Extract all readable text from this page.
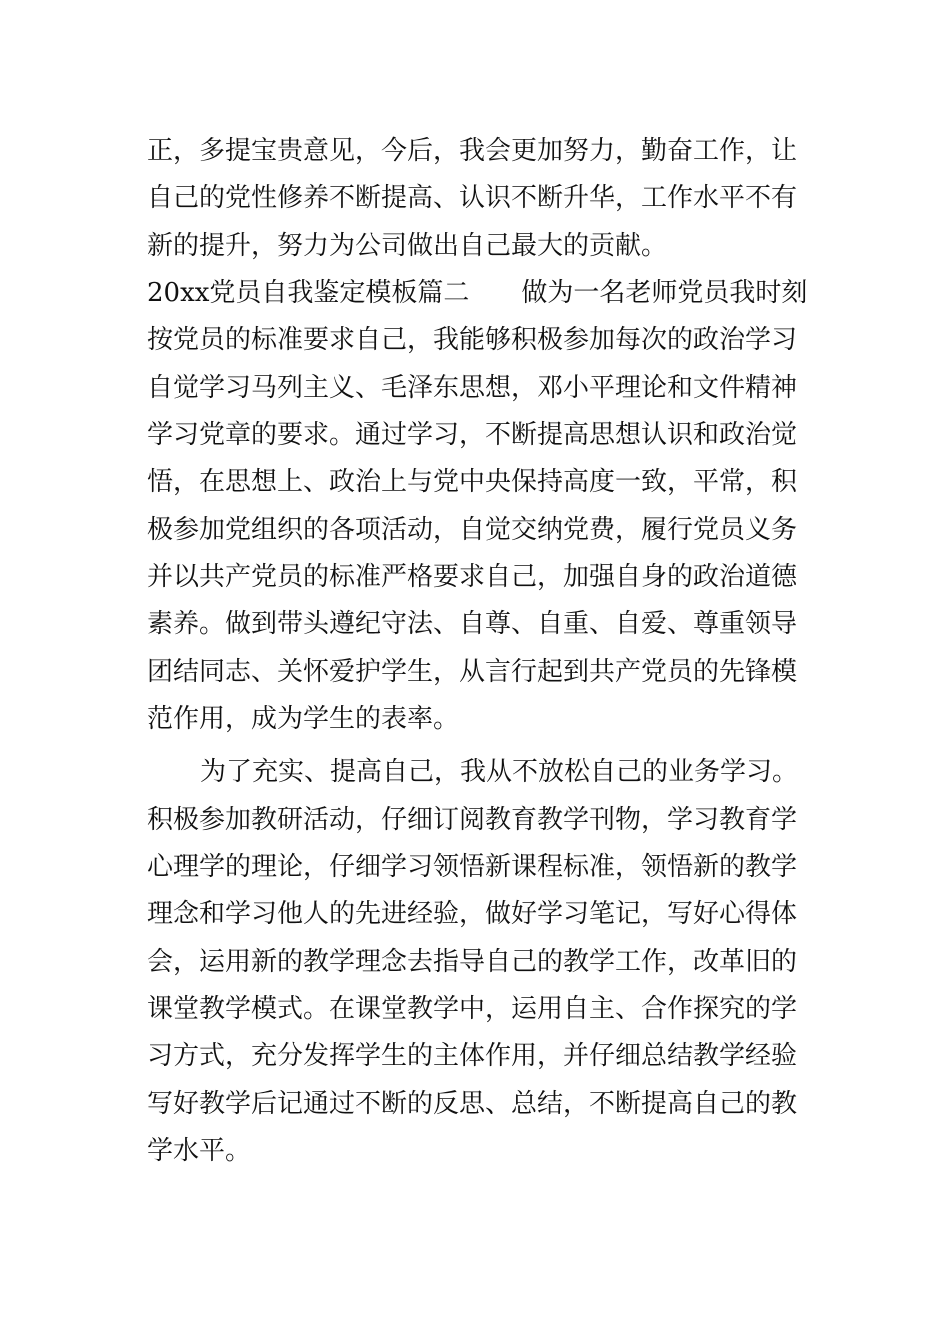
正，多提宝贵意见，今后，我会更加努力，勤奋工作，让
自己的党性修养不断提高、认识不断升华，工作水平不有
新的提升，努力为公司做出自己最大的贡献。
20xx党员自我鉴定模板篇二 做为一名老师党员我时刻
按党员的标准要求自己，我能够积极参加每次的政治学习
自觉学习马列主义、毛泽东思想，邓小平理论和文件精神
学习党章的要求。通过学习，不断提高思想认识和政治觉
悟，在思想上、政治上与党中央保持高度一致，平常，积
极参加党组织的各项活动，自觉交纳党费，履行党员义务
并以共产党员的标准严格要求自己，加强自身的政治道德
素养。做到带头遵纪守法、自尊、自重、自爱、尊重领导
团结同志、关怀爱护学生，从言行起到共产党员的先锋模
范作用，成为学生的表率。
为了充实、提高自己，我从不放松自己的业务学习。
积极参加教研活动，仔细订阅教育教学刊物，学习教育学
心理学的理论，仔细学习领悟新课程标准，领悟新的教学
理念和学习他人的先进经验，做好学习笔记，写好心得体
会，运用新的教学理念去指导自己的教学工作，改革旧的
课堂教学模式。在课堂教学中，运用自主、合作探究的学
习方式，充分发挥学生的主体作用，并仔细总结教学经验
写好教学后记通过不断的反思、总结，不断提高自己的教
学水平。
